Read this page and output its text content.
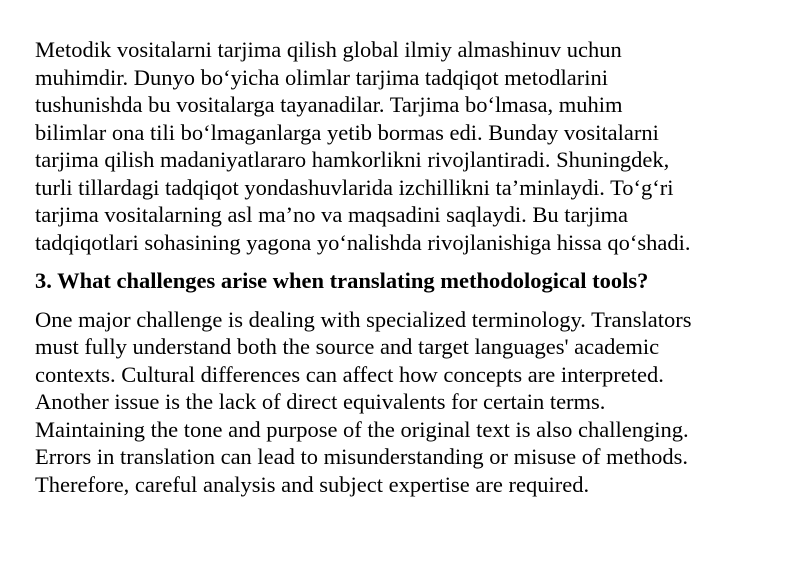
Metodik vositalarni tarjima qilish global ilmiy almashinuv uchun
muhimdir. Dunyo bo‘yicha olimlar tarjima tadqiqot metodlarini
tushunishda bu vositalarga tayanadilar. Tarjima bo‘lmasa, muhim
bilimlar ona tili bo‘lmaganlarga yetib bormas edi. Bunday vositalarni
tarjima qilish madaniyatlararo hamkorlikni rivojlantiradi. Shuningdek,
turli tillardagi tadqiqot yondashuvlarida izchillikni ta’minlaydi. To‘g‘ri
tarjima vositalarning asl ma’no va maqsadini saqlaydi. Bu tarjima
tadqiqotlari sohasining yagona yo‘nalishda rivojlanishiga hissa qo‘shadi.

3. What challenges arise when translating methodological tools?

One major challenge is dealing with specialized terminology. Translators
must fully understand both the source and target languages' academic
contexts. Cultural differences can affect how concepts are interpreted.
Another issue is the lack of direct equivalents for certain terms.
Maintaining the tone and purpose of the original text is also challenging.
Errors in translation can lead to misunderstanding or misuse of methods.
Therefore, careful analysis and subject expertise are required.
